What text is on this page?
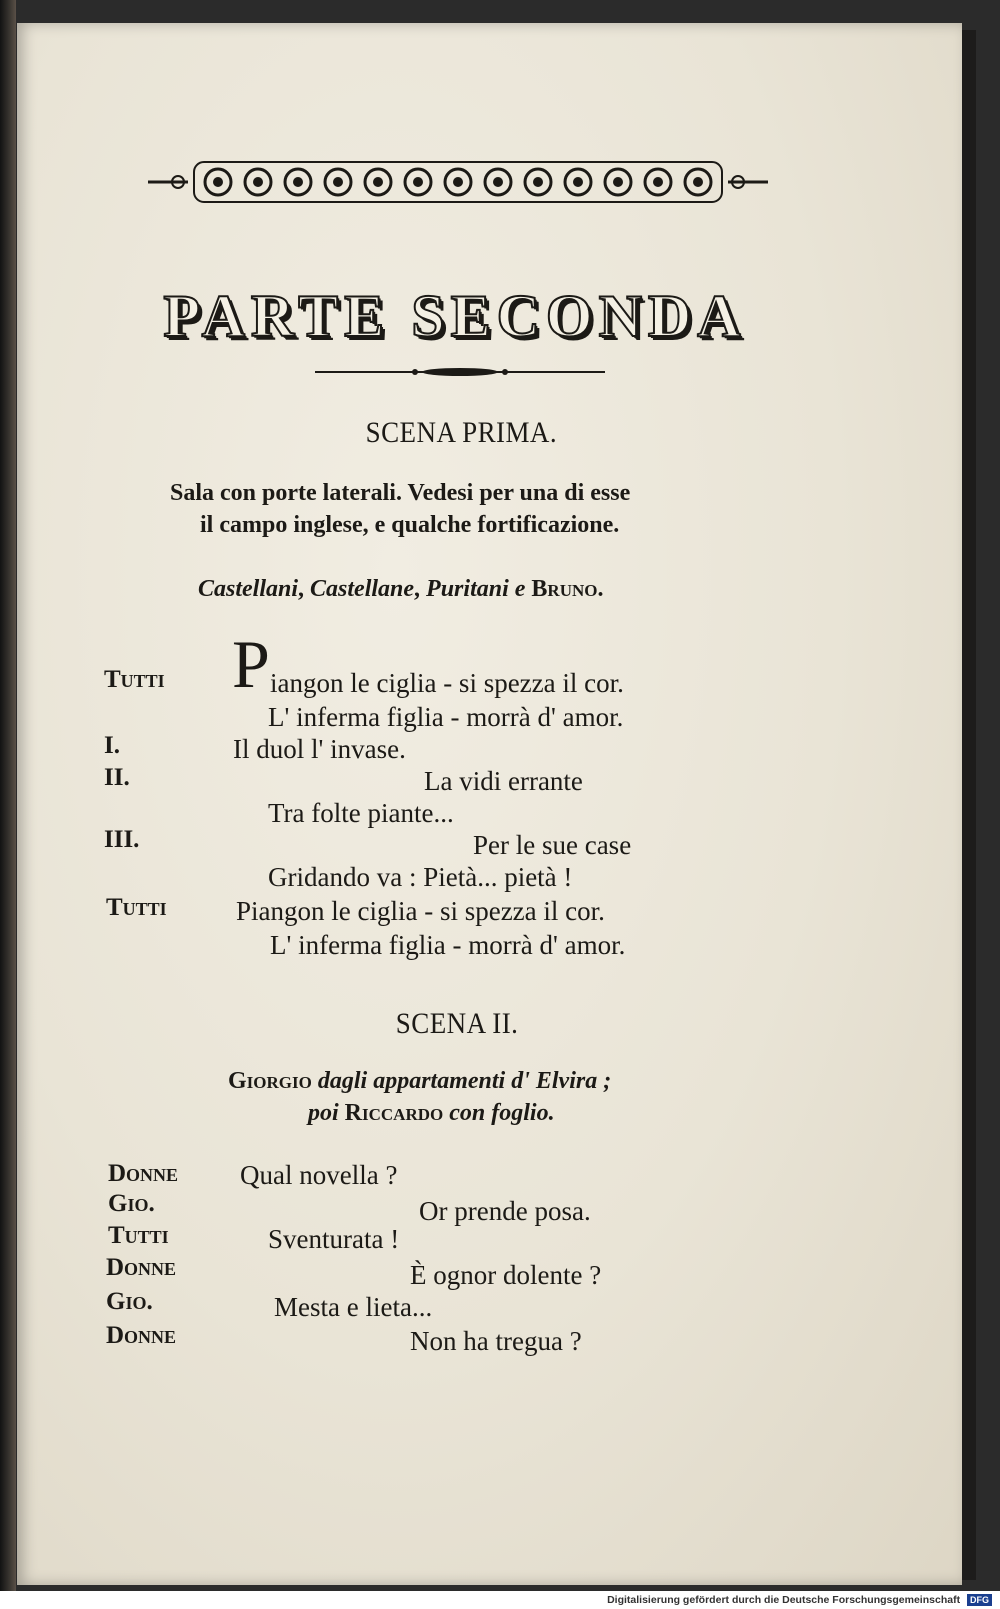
PARTE SECONDA
SCENA PRIMA.
Sala con porte laterali. Vedesi per una di esse
il campo inglese, e qualche fortificazione.
Castellani, Castellane, Puritani e Bruno.
Tutti P iangon le ciglia - si spezza il cor.
L' inferma figlia - morrà d' amor.
I.	Il duol l' invase.
II.	La vidi errante
Tra folte piante...
III.	Per le sue case
Gridando va : Pietà... pietà !
Tutti	Piangon le ciglia - si spezza il cor.
L' inferma figlia - morrà d' amor.
SCENA II.
Giorgio dagli appartamenti d' Elvira ;
poi Riccardo con foglio.
Donne Qual novella ?
Gio.	Or prende posa.
Tutti	Sventurata !
Donne	È ognor dolente ?
Gio.	Mesta e lieta...
Donne	Non ha tregua ?
Digitalisierung gefördert durch die Deutsche Forschungsgemeinschaft DFG
